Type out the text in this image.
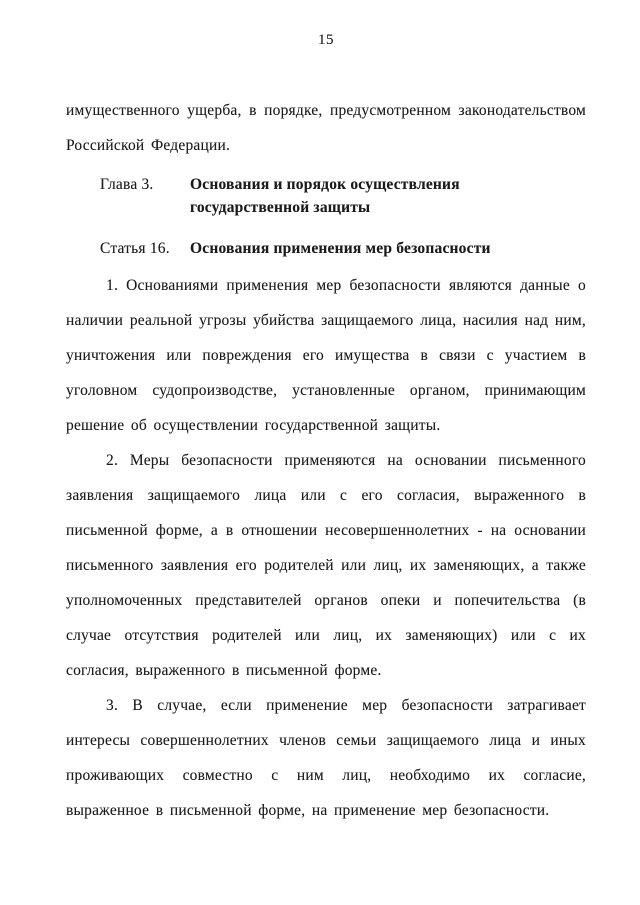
15

имущественного ущерба, в порядке, предусмотренном законодательством Российской Федерации.

Глава 3.	Основания и порядок осуществления
государственной защиты
Статья 16.	Основания применения мер безопасности

1. Основаниями применения мер безопасности являются данные о наличии реальной угрозы убийства защищаемого лица, насилия над ним, уничтожения или повреждения его имущества в связи с участием в уголовном судопроизводстве, установленные органом, принимающим решение об осуществлении государственной защиты.

2. Меры безопасности применяются на основании письменного заявления защищаемого лица или с его согласия, выраженного в письменной форме, а в отношении несовершеннолетних - на основании письменного заявления его родителей или лиц, их заменяющих, а также уполномоченных представителей органов опеки и попечительства (в случае отсутствия родителей или лиц, их заменяющих) или с их согласия, выраженного в письменной форме.

3. В случае, если применение мер безопасности затрагивает интересы совершеннолетних членов семьи защищаемого лица и иных проживающих совместно с ним лиц, необходимо их согласие, выраженное в письменной форме, на применение мер безопасности.
